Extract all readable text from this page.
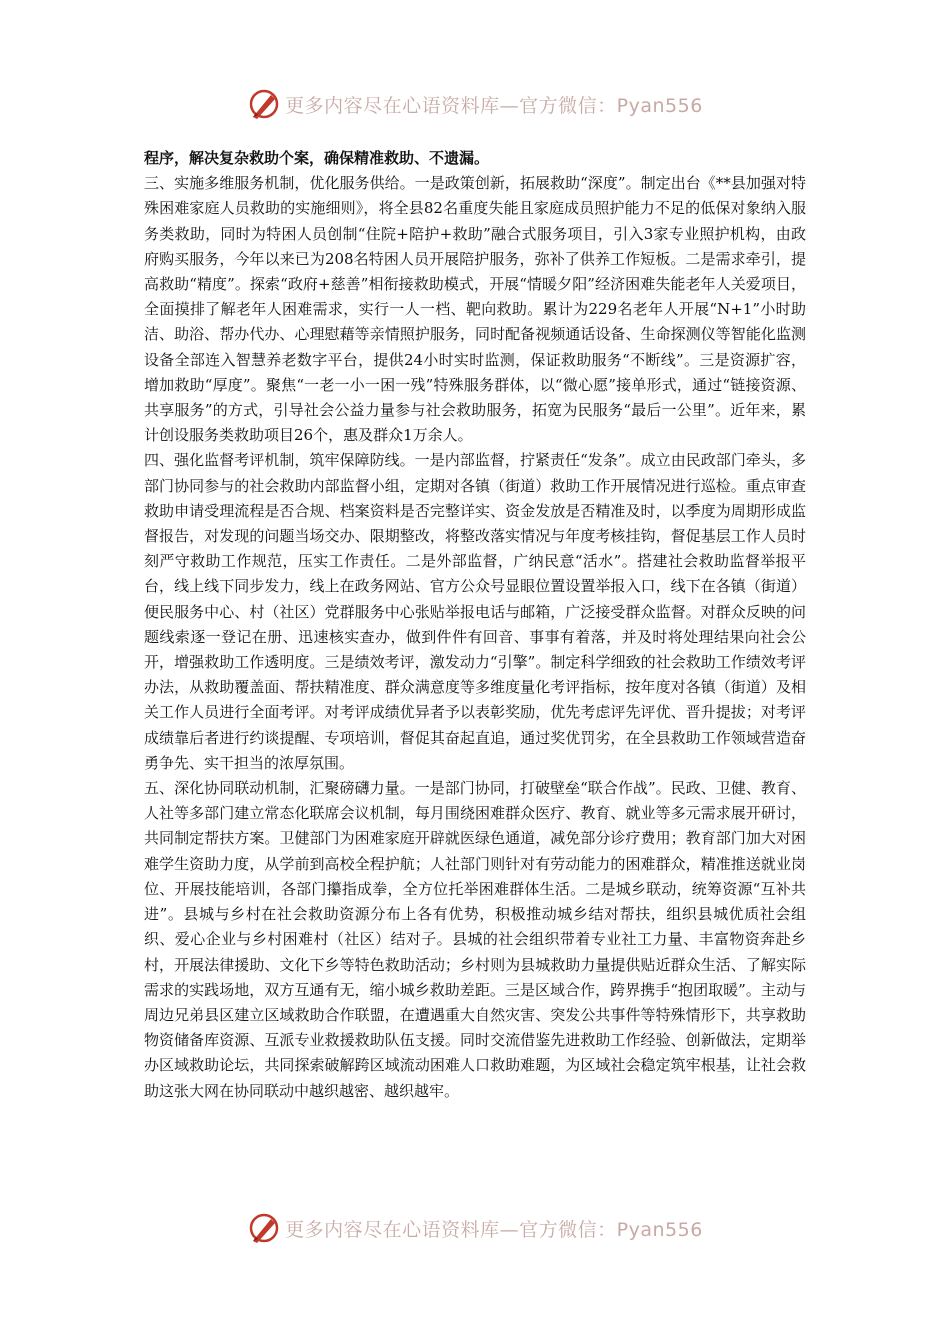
更多内容尽在心语资料库—官方微信：Pyan556

程序，解决复杂救助个案，确保精准救助、不遗漏。

三、实施多维服务机制，优化服务供给。一是政策创新，拓展救助“深度”。制定出台《**县加强对特殊困难家庭人员救助的实施细则》，将全县82名重度失能且家庭成员照护能力不足的低保对象纳入服务类救助，同时为特困人员创制“住院+陪护+救助”融合式服务项目，引入3家专业照护机构，由政府购买服务，今年以来已为208名特困人员开展陪护服务，弥补了供养工作短板。二是需求牵引，提高救助“精度”。探索“政府+慈善”相衔接救助模式，开展“情暖夕阳”经济困难失能老年人关爱项目，全面摸排了解老年人困难需求，实行一人一档、靶向救助。累计为229名老年人开展“N+1”小时助洁、助浴、帮办代办、心理慰藉等亲情照护服务，同时配备视频通话设备、生命探测仪等智能化监测设备全部连入智慧养老数字平台，提供24小时实时监测，保证救助服务“不断线”。三是资源扩容，增加救助“厚度”。聚焦“一老一小一困一残”特殊服务群体，以“微心愿”接单形式，通过“链接资源、共享服务”的方式，引导社会公益力量参与社会救助服务，拓宽为民服务“最后一公里”。近年来，累计创设服务类救助项目26个，惠及群众1万余人。

四、强化监督考评机制，筑牢保障防线。一是内部监督，拧紧责任“发条”。成立由民政部门牵头，多部门协同参与的社会救助内部监督小组，定期对各镇（街道）救助工作开展情况进行巡检。重点审查救助申请受理流程是否合规、档案资料是否完整详实、资金发放是否精准及时，以季度为周期形成监督报告，对发现的问题当场交办、限期整改，将整改落实情况与年度考核挂钩，督促基层工作人员时刻严守救助工作规范，压实工作责任。二是外部监督，广纳民意“活水”。搭建社会救助监督举报平台，线上线下同步发力，线上在政务网站、官方公众号显眼位置设置举报入口，线下在各镇（街道）便民服务中心、村（社区）党群服务中心张贴举报电话与邮箱，广泛接受群众监督。对群众反映的问题线索逐一登记在册、迅速核实查办，做到件件有回音、事事有着落，并及时将处理结果向社会公开，增强救助工作透明度。三是绩效考评，激发动力“引擎”。制定科学细致的社会救助工作绩效考评办法，从救助覆盖面、帮扶精准度、群众满意度等多维度量化考评指标，按年度对各镇（街道）及相关工作人员进行全面考评。对考评成绩优异者予以表彰奖励，优先考虑评先评优、晋升提拔；对考评成绩靠后者进行约谈提醒、专项培训，督促其奋起直追，通过奖优罚劣，在全县救助工作领域营造奋勇争先、实干担当的浓厚氛围。

五、深化协同联动机制，汇聚磅礴力量。一是部门协同，打破壁垒“联合作战”。民政、卫健、教育、人社等多部门建立常态化联席会议机制，每月围绕困难群众医疗、教育、就业等多元需求展开研讨，共同制定帮扶方案。卫健部门为困难家庭开辟就医绿色通道，减免部分诊疗费用；教育部门加大对困难学生资助力度，从学前到高校全程护航；人社部门则针对有劳动能力的困难群众，精准推送就业岗位、开展技能培训，各部门攥指成拳，全方位托举困难群体生活。二是城乡联动，统筹资源“互补共进”。县城与乡村在社会救助资源分布上各有优势，积极推动城乡结对帮扶，组织县城优质社会组织、爱心企业与乡村困难村（社区）结对子。县城的社会组织带着专业社工力量、丰富物资奔赴乡村，开展法律援助、文化下乡等特色救助活动；乡村则为县城救助力量提供贴近群众生活、了解实际需求的实践场地，双方互通有无，缩小城乡救助差距。三是区域合作，跨界携手“抱团取暖”。主动与周边兄弟县区建立区域救助合作联盟，在遭遇重大自然灾害、突发公共事件等特殊情形下，共享救助物资储备库资源、互派专业救援救助队伍支援。同时交流借鉴先进救助工作经验、创新做法，定期举办区域救助论坛，共同探索破解跨区域流动困难人口救助难题，为区域社会稳定筑牢根基，让社会救助这张大网在协同联动中越织越密、越织越牢。

更多内容尽在心语资料库—官方微信：Pyan556
